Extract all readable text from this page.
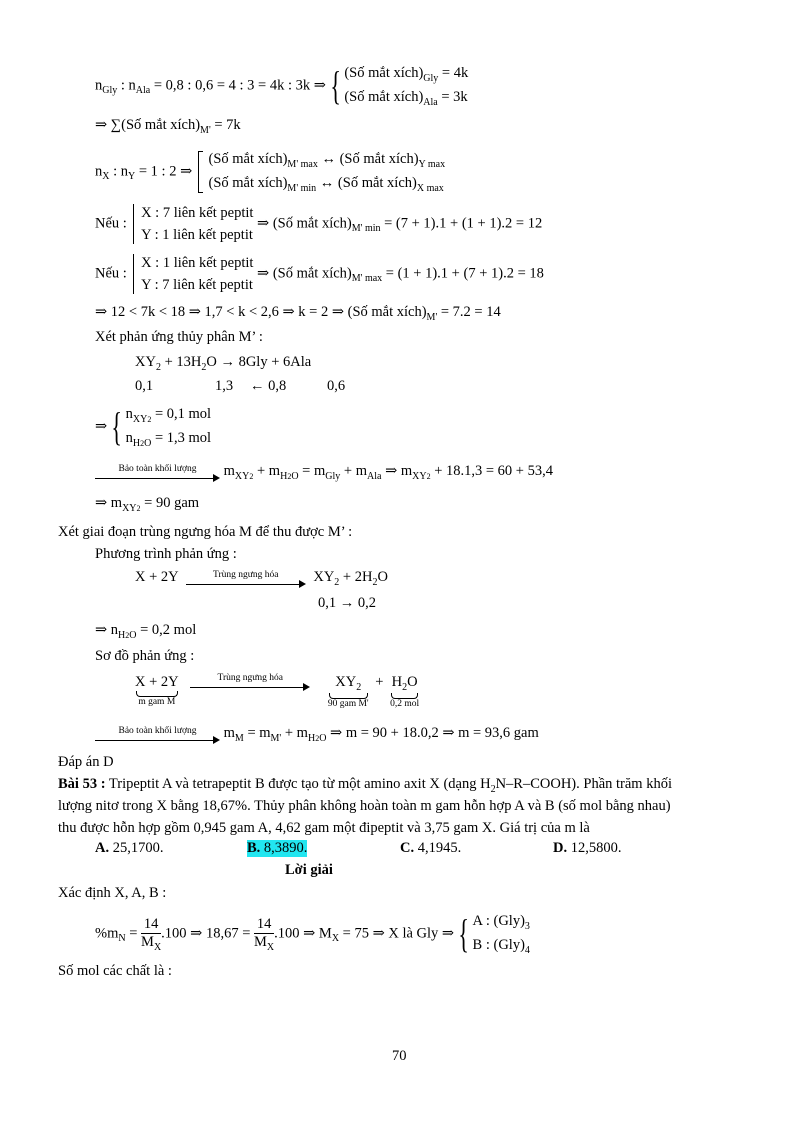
$n_{Gly}$ : $n_{Ala} = 0,8$ : 0,6 = 4 : 3 = 4k : 3k ⇒ { (Số mắt $xích)_{Gly} = 4k$
(Số mắt $xích)_{Ala} = 3k$
⇒ ∑(Số mắt $xích)_{M'} = 7k$
$n_X$ : $n_Y = 1$ : 2 ⇒
(Số mắt $xích)_{M' max}$ ↔ (Số mắt $xích)_{Y max}$
(Số mắt $xích)_{M' min}$ ↔ (Số mắt $xích)_{X max}$
Nếu :
X : 7 liên kết peptit
Y : 1 liên kết peptit
⇒ (Số mắt $xích)_{M' min} = (7 + 1).1 + (1 + 1).2 = 12$
Nếu :
X : 1 liên kết peptit
Y : 7 liên kết peptit
⇒ (Số mắt $xích)_{M' max} = (1 + 1).1 + (7 + 1).2 = 18$
⇒ 12 < 7k < 18 ⇒ 1,7 < k < 2,6 ⇒ k = 2 ⇒ (Số mắt $xích)_{M'} = 7.2 = 14$
Xét phản ứng thủy phân M’ :
$XY_2 + 13H_2O \to 8Gly + 6Ala$
0,1	1,3 ← 0,8	0,6
⇒ { $n_{XY2} = 0,1$ mol
$n_{H2O} = 1,3$ mol
Bảo toàn khối lượng	$m_{XY2} + m_{H2O} = m_{Gly} + m_{Ala}$ ⇒ $m_{XY2} + 18.1,3 = 60 + 53,4$
⇒ $m_{XY2} = 90$ gam
Xét giai đoạn trùng ngưng hóa M để thu được M’ :
Phương trình phản ứng :
X + 2Y	Trùng ngưng hóa	$XY_2 + 2H_2O$
0,1 → 0,2
⇒ $n_{H2O} = 0,2$ mol
Sơ đồ phản ứng :
X + 2Y
m gam M

Trùng ngưng hóa	$XY_2$
90 gam M'
+ $H_2O$
0,2 mol
Bảo toàn khối lượng	$m_M = m_{M'} + m_{H2O}$ ⇒ m = 90 + 18.0,2 ⇒ m = 93,6 gam
Đáp án D
Bài 53 : Tripeptit A và tetrapeptit B được tạo từ một amino axit X (dạng $H_2N-R-COOH$). Phần trăm khối
lượng nitơ trong X bằng 18,67%. Thủy phân không hoàn toàn m gam hỗn hợp A và B (số mol bằng nhau)
thu được hỗn hợp gồm 0,945 gam A, 4,62 gam một đipeptit và 3,75 gam X. Giá trị của m là
A. 25,1700.	B. 8,3890.	C. 4,1945.	D. 12,5800.
Lời giải
Xác định X, A, B :
$\%m_N = \frac{14}{M_X} .100$ ⇒ $18,67 = \frac{14}{M_X} .100$ ⇒ $M_X = 75$ ⇒ X là Gly ⇒ { A : $(Gly)_3$
B : $(Gly)_4$
Số mol các chất là :
70
